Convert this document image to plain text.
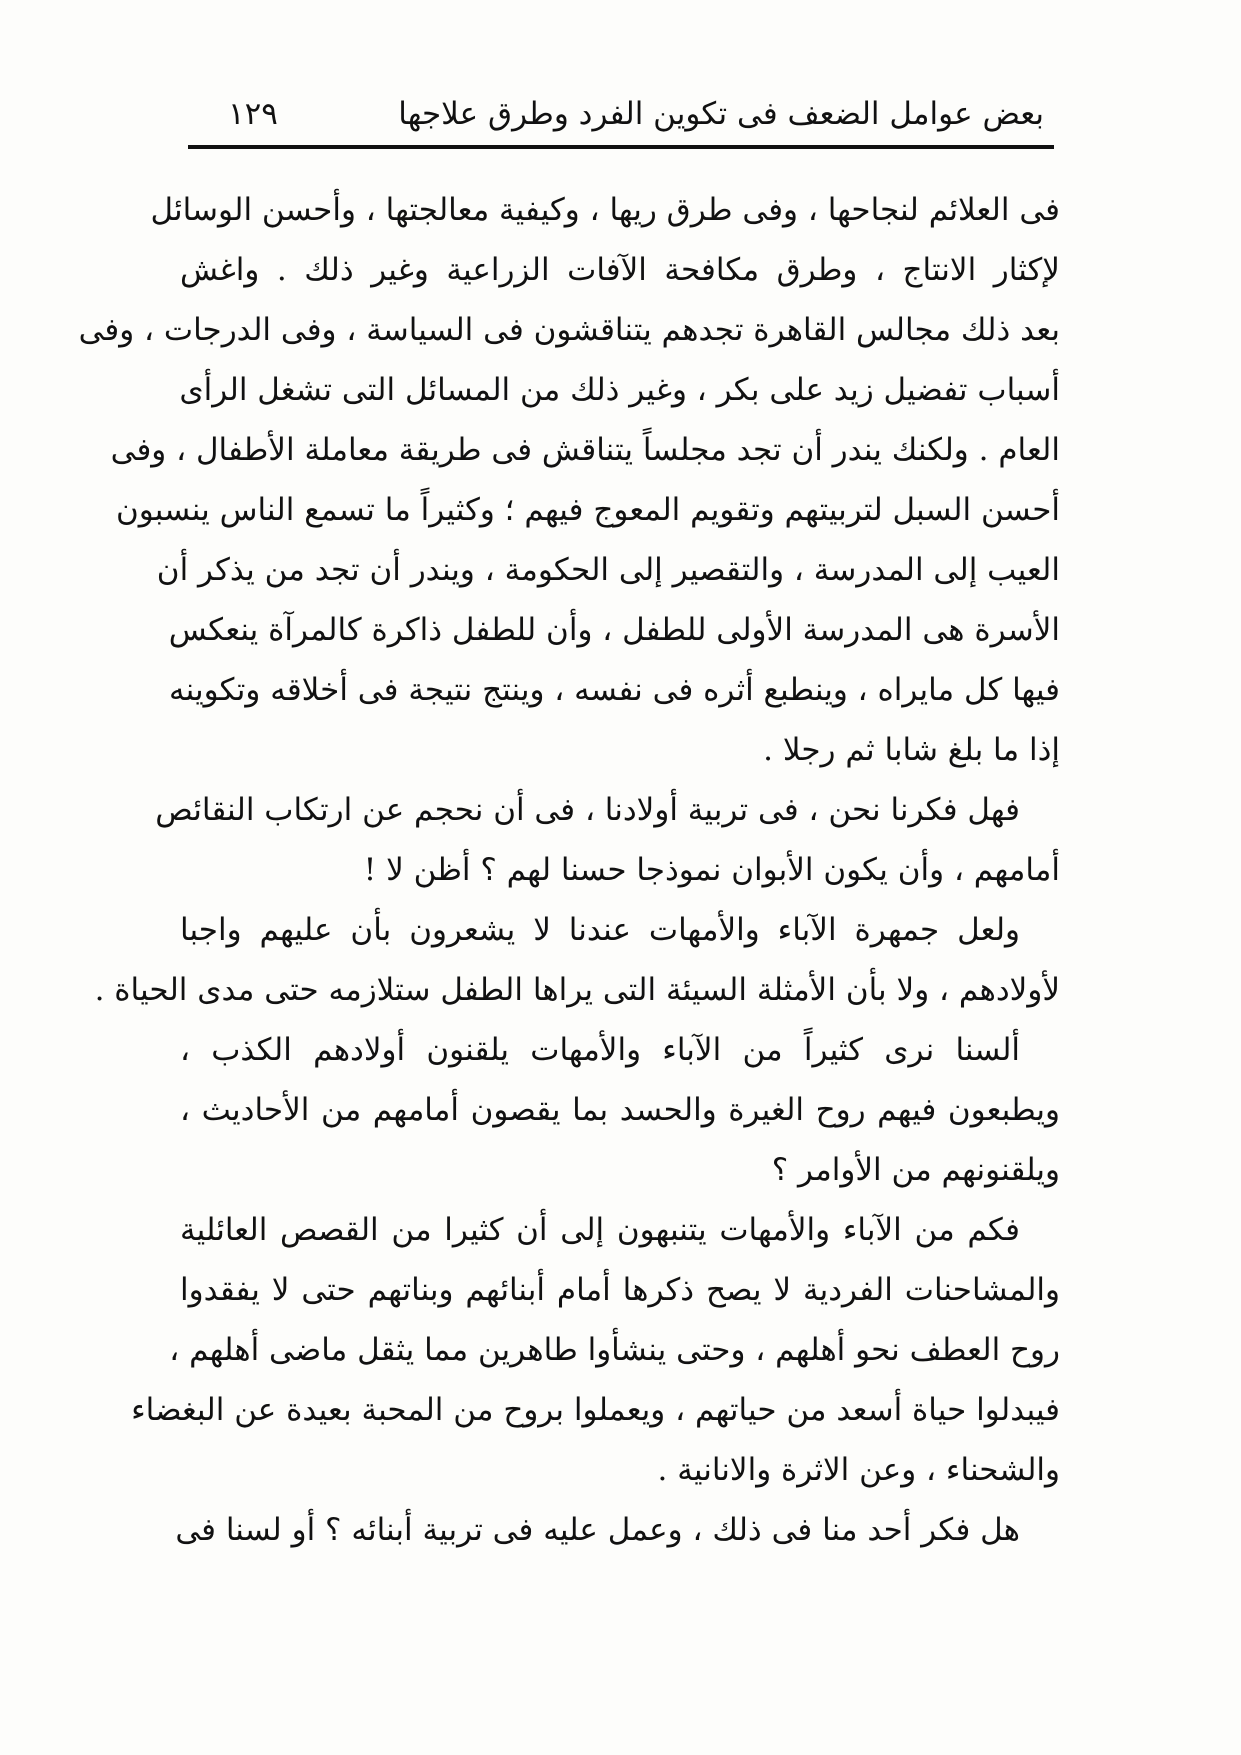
بعض عوامل الضعف فى تكوين الفرد وطرق علاجها
١٢٩
فى العلائم لنجاحها ، وفى طرق ريها ، وكيفية معالجتها ، وأحسن الوسائل
لإكثار الانتاج ، وطرق مكافحة الآفات الزراعية وغير ذلك . واغش
بعد ذلك مجالس القاهرة تجدهم يتناقشون فى السياسة ، وفى الدرجات ، وفى
أسباب تفضيل زيد على بكر ، وغير ذلك من المسائل التى تشغل الرأى
العام . ولكنك يندر أن تجد مجلساً يتناقش فى طريقة معاملة الأطفال ، وفى
أحسن السبل لتربيتهم وتقويم المعوج فيهم ؛ وكثيراً ما تسمع الناس ينسبون
العيب إلى المدرسة ، والتقصير إلى الحكومة ، ويندر أن تجد من يذكر أن
الأسرة هى المدرسة الأولى للطفل ، وأن للطفل ذاكرة كالمرآة ينعكس
فيها كل مايراه ، وينطبع أثره فى نفسه ، وينتج نتيجة فى أخلاقه وتكوينه
إذا ما بلغ شابا ثم رجلا .
فهل فكرنا نحن ، فى تربية أولادنا ، فى أن نحجم عن ارتكاب النقائص
أمامهم ، وأن يكون الأبوان نموذجا حسنا لهم ؟ أظن لا !
ولعل جمهرة الآباء والأمهات عندنا لا يشعرون بأن عليهم واجبا
لأولادهم ، ولا بأن الأمثلة السيئة التى يراها الطفل ستلازمه حتى مدى الحياة .
ألسنا نرى كثيراً من الآباء والأمهات يلقنون أولادهم الكذب ،
ويطبعون فيهم روح الغيرة والحسد بما يقصون أمامهم من الأحاديث ،
ويلقنونهم من الأوامر ؟
فكم من الآباء والأمهات يتنبهون إلى أن كثيرا من القصص العائلية
والمشاحنات الفردية لا يصح ذكرها أمام أبنائهم وبناتهم حتى لا يفقدوا
روح العطف نحو أهلهم ، وحتى ينشأوا طاهرين مما يثقل ماضى أهلهم ،
فيبدلوا حياة أسعد من حياتهم ، ويعملوا بروح من المحبة بعيدة عن البغضاء
والشحناء ، وعن الاثرة والانانية .
هل فكر أحد منا فى ذلك ، وعمل عليه فى تربية أبنائه ؟ أو لسنا فى
